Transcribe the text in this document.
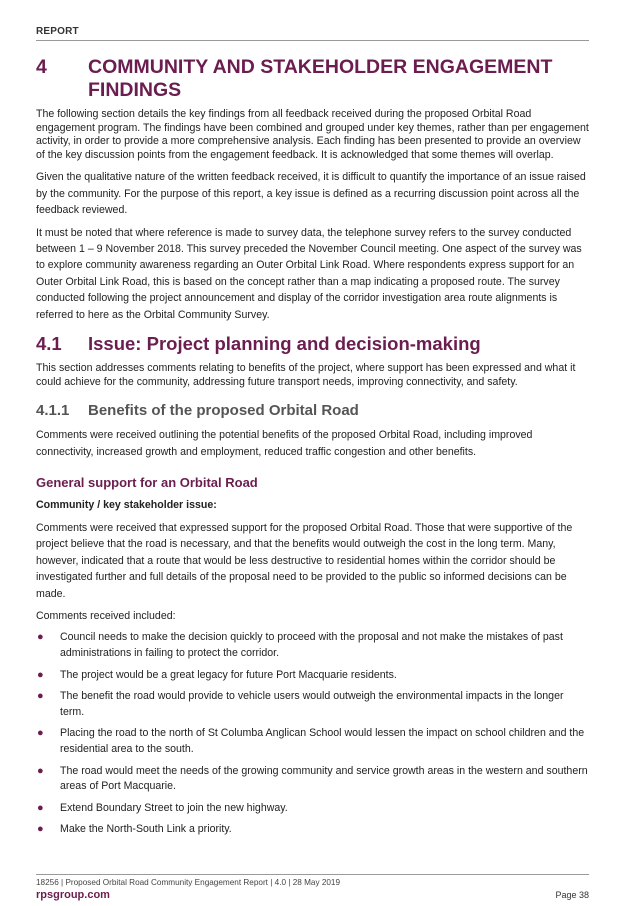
REPORT
4	COMMUNITY AND STAKEHOLDER ENGAGEMENT FINDINGS

The following section details the key findings from all feedback received during the proposed Orbital Road engagement program. The findings have been combined and grouped under key themes, rather than per engagement activity, in order to provide a more comprehensive analysis. Each finding has been presented to provide an overview of the key discussion points from the engagement feedback. It is acknowledged that some themes will overlap.

Given the qualitative nature of the written feedback received, it is difficult to quantify the importance of an issue raised by the community. For the purpose of this report, a key issue is defined as a recurring discussion point across all the feedback reviewed.

It must be noted that where reference is made to survey data, the telephone survey refers to the survey conducted between 1 – 9 November 2018. This survey preceded the November Council meeting. One aspect of the survey was to explore community awareness regarding an Outer Orbital Link Road. Where respondents express support for an Outer Orbital Link Road, this is based on the concept rather than a map indicating a proposed route. The survey conducted following the project announcement and display of the corridor investigation area route alignments is referred to here as the Orbital Community Survey.

4.1	Issue: Project planning and decision-making

This section addresses comments relating to benefits of the project, where support has been expressed and what it could achieve for the community, addressing future transport needs, improving connectivity, and safety.

4.1.1	Benefits of the proposed Orbital Road

Comments were received outlining the potential benefits of the proposed Orbital Road, including improved connectivity, increased growth and employment, reduced traffic congestion and other benefits.

General support for an Orbital Road
Community / key stakeholder issue:

Comments were received that expressed support for the proposed Orbital Road. Those that were supportive of the project believe that the road is necessary, and that the benefits would outweigh the cost in the long term. Many, however, indicated that a route that would be less destructive to residential homes within the corridor should be investigated further and full details of the proposal need to be provided to the public so informed decisions can be made.

Comments received included:

● Council needs to make the decision quickly to proceed with the proposal and not make the mistakes of past administrations in failing to protect the corridor.
● The project would be a great legacy for future Port Macquarie residents.
● The benefit the road would provide to vehicle users would outweigh the environmental impacts in the longer term.
● Placing the road to the north of St Columba Anglican School would lessen the impact on school children and the residential area to the south.
● The road would meet the needs of the growing community and service growth areas in the western and southern areas of Port Macquarie.
● Extend Boundary Street to join the new highway.
● Make the North-South Link a priority.
18256 | Proposed Orbital Road Community Engagement Report | 4.0 | 28 May 2019
rpsgroup.com	Page 38
